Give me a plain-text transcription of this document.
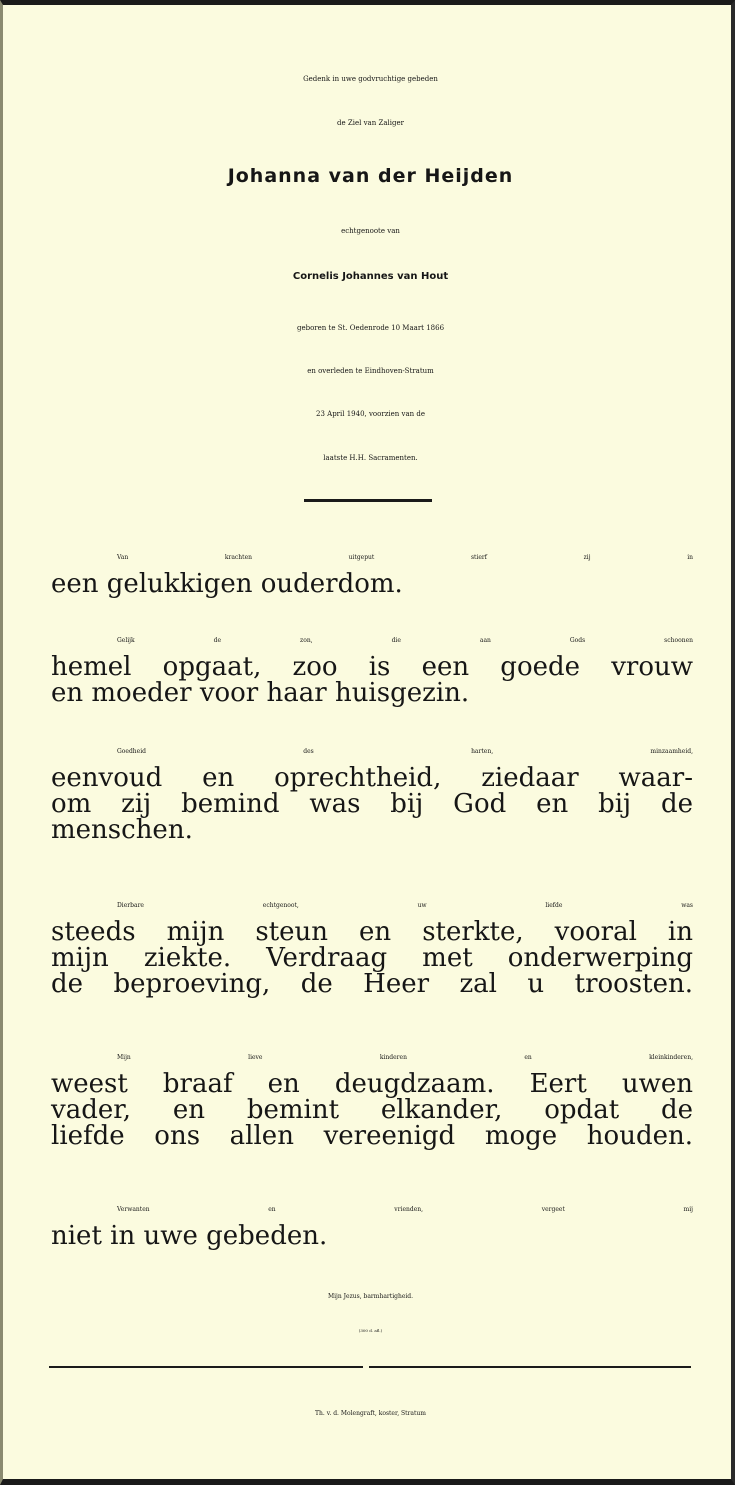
Gedenk in uwe godvruchtige gebeden
de Ziel van Zaliger
Johanna van der Heijden
echtgenoote van
Cornelis Johannes van Hout
geboren te St. Oedenrode 10 Maart 1866
en overleden te Eindhoven-Stratum
23 April 1940, voorzien van de
laatste H.H. Sacramenten.
Van krachten uitgeput stierf zij in
een gelukkigen ouderdom.
Gelijk de zon, die aan Gods schoonen
hemel opgaat, zoo is een goede vrouw
en moeder voor haar huisgezin.
Goedheid des harten, minzaamheid,
eenvoud en oprechtheid, ziedaar waar-
om zij bemind was bij God en bij de
menschen.
Dierbare echtgenoot, uw liefde was
steeds mijn steun en sterkte, vooral in
mijn ziekte. Verdraag met onderwerping
de beproeving, de Heer zal u troosten.
Mijn lieve kinderen en kleinkinderen,
weest braaf en deugdzaam. Eert uwen
vader, en bemint elkander, opdat de
liefde ons allen vereenigd moge houden.
Verwanten en vrienden, vergeet mij
niet in uwe gebeden.
Mijn Jezus, barmhartigheid.
(300 d. afl.)
Th. v. d. Molengraft, koster, Stratum
